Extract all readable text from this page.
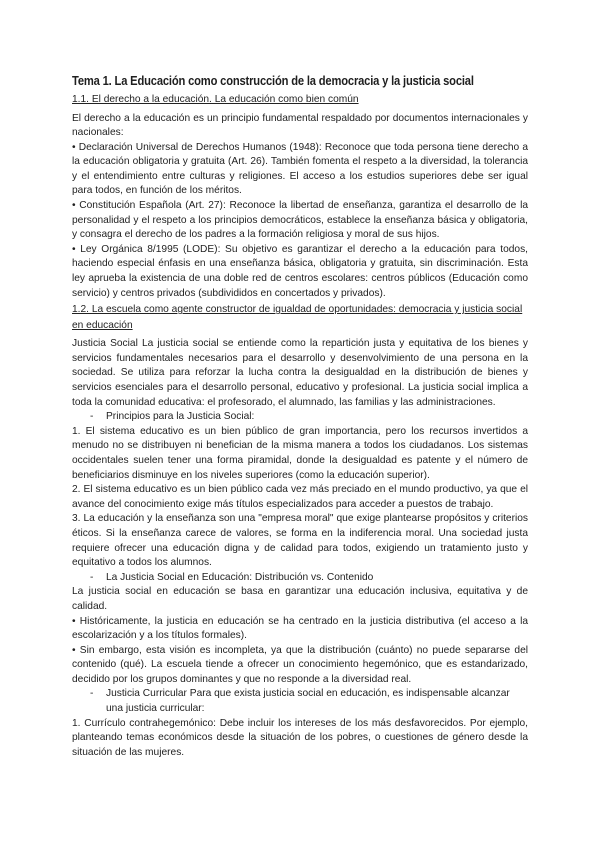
Tema 1. La Educación como construcción de la democracia y la justicia social
1.1. El derecho a la educación. La educación como bien común

El derecho a la educación es un principio fundamental respaldado por documentos internacionales y nacionales:

• Declaración Universal de Derechos Humanos (1948): Reconoce que toda persona tiene derecho a la educación obligatoria y gratuita (Art. 26). También fomenta el respeto a la diversidad, la tolerancia y el entendimiento entre culturas y religiones. El acceso a los estudios superiores debe ser igual para todos, en función de los méritos.

• Constitución Española (Art. 27): Reconoce la libertad de enseñanza, garantiza el desarrollo de la personalidad y el respeto a los principios democráticos, establece la enseñanza básica y obligatoria, y consagra el derecho de los padres a la formación religiosa y moral de sus hijos.

• Ley Orgánica 8/1995 (LODE): Su objetivo es garantizar el derecho a la educación para todos, haciendo especial énfasis en una enseñanza básica, obligatoria y gratuita, sin discriminación. Esta ley aprueba la existencia de una doble red de centros escolares: centros públicos (Educación como servicio) y centros privados (subdivididos en concertados y privados).

1.2. La escuela como agente constructor de igualdad de oportunidades: democracia y justicia social en educación

Justicia Social La justicia social se entiende como la repartición justa y equitativa de los bienes y servicios fundamentales necesarios para el desarrollo y desenvolvimiento de una persona en la sociedad. Se utiliza para reforzar la lucha contra la desigualdad en la distribución de bienes y servicios esenciales para el desarrollo personal, educativo y profesional. La justicia social implica a toda la comunidad educativa: el profesorado, el alumnado, las familias y las administraciones.

-	Principios para la Justicia Social:

1. El sistema educativo es un bien público de gran importancia, pero los recursos invertidos a menudo no se distribuyen ni benefician de la misma manera a todos los ciudadanos. Los sistemas occidentales suelen tener una forma piramidal, donde la desigualdad es patente y el número de beneficiarios disminuye en los niveles superiores (como la educación superior).

2. El sistema educativo es un bien público cada vez más preciado en el mundo productivo, ya que el avance del conocimiento exige más títulos especializados para acceder a puestos de trabajo.

3. La educación y la enseñanza son una "empresa moral" que exige plantearse propósitos y criterios éticos. Si la enseñanza carece de valores, se forma en la indiferencia moral. Una sociedad justa requiere ofrecer una educación digna y de calidad para todos, exigiendo un tratamiento justo y equitativo a todos los alumnos.

-	La Justicia Social en Educación: Distribución vs. Contenido

La justicia social en educación se basa en garantizar una educación inclusiva, equitativa y de calidad.

• Históricamente, la justicia en educación se ha centrado en la justicia distributiva (el acceso a la escolarización y a los títulos formales).

• Sin embargo, esta visión es incompleta, ya que la distribución (cuánto) no puede separarse del contenido (qué). La escuela tiende a ofrecer un conocimiento hegemónico, que es estandarizado, decidido por los grupos dominantes y que no responde a la diversidad real.

-	Justicia Curricular Para que exista justicia social en educación, es indispensable alcanzar una justicia curricular:

1. Currículo contrahegemónico: Debe incluir los intereses de los más desfavorecidos. Por ejemplo, planteando temas económicos desde la situación de los pobres, o cuestiones de género desde la situación de las mujeres.
